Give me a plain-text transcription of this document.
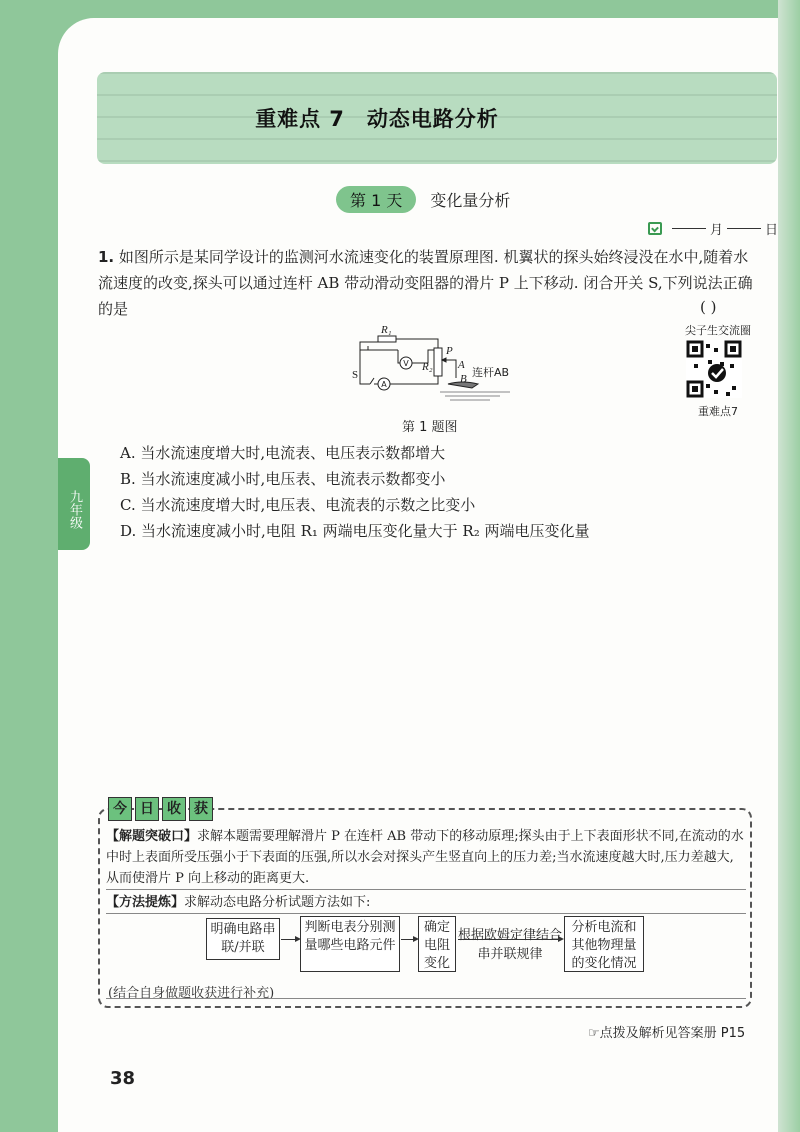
重难点 7 动态电路分析
第 1 天	变化量分析
月	日
1. 如图所示是某同学设计的监测河水流速变化的装置原理图. 机翼状的探头始终浸没在水中,随着水流速度的改变,探头可以通过连杆 AB 带动滑动变阻器的滑片 P 上下移动. 闭合开关 S,下列说法正确的是	( )
尖子生交流圈
重难点7
R₁
R₂
P
A
B
S
V
A
连杆AB
第 1 题图
A. 当水流速度增大时,电流表、电压表示数都增大
B. 当水流速度减小时,电压表、电流表示数都变小
C. 当水流速度增大时,电压表、电流表的示数之比变小
D. 当水流速度减小时,电阻 R₁ 两端电压变化量大于 R₂ 两端电压变化量
九年级
今 日 收 获
【解题突破口】求解本题需要理解滑片 P 在连杆 AB 带动下的移动原理;探头由于上下表面形状不同,在流动的水中时上表面所受压强小于下表面的压强,所以水会对探头产生竖直向上的压力差;当水流速度越大时,压力差越大,从而使滑片 P 向上移动的距离更大.
【方法提炼】求解动态电路分析试题方法如下:
明确电路串联/并联
判断电表分别测量哪些电路元件
确定电阻变化
根据欧姆定律结合串并联规律
分析电流和其他物理量的变化情况
(结合自身做题收获进行补充)
☞点拨及解析见答案册 P15
38
